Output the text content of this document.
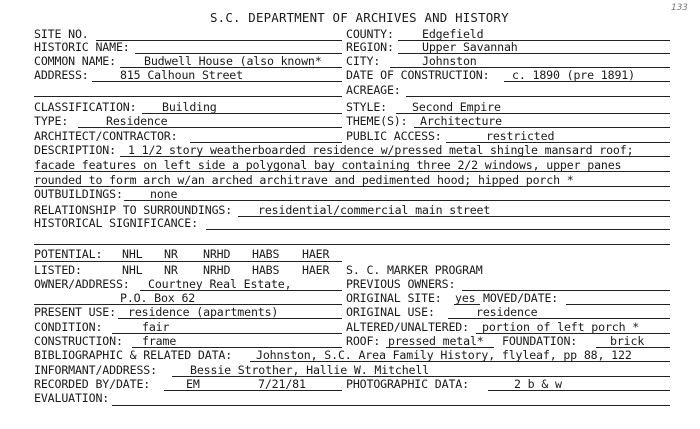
133
S.C. DEPARTMENT OF ARCHIVES AND HISTORY
SITE NO.	COUNTY: Edgefield
HISTORIC NAME:	REGION: Upper Savannah
COMMON NAME: Budwell House (also known* CITY:	Johnston
ADDRESS:	815 Calhoun Street	DATE OF CONSTRUCTION: c. 1890 (pre 1891)
ACREAGE:
CLASSIFICATION: Building	STYLE: Second Empire
TYPE:	Residence	THEME(S): Architecture
ARCHITECT/CONTRACTOR:	PUBLIC ACCESS:	restricted
DESCRIPTION: 1 1/2 story weatherboarded residence w/pressed metal shingle mansard roof;
facade features on left side a polygonal bay containing three 2/2 windows, upper panes
rounded to form arch w/an arched architrave and pedimented hood; hipped porch *
OUTBUILDINGS: none
RELATIONSHIP TO SURROUNDINGS: residential/commercial main street
HISTORICAL SIGNIFICANCE:
POTENTIAL: NHL NR NRHD HABS HAER
LISTED:	NHL NR NRHD HABS HAER S. C. MARKER PROGRAM
OWNER/ADDRESS: Courtney Real Estate,	PREVIOUS OWNERS:
P.O. Box 62	ORIGINAL SITE: yes MOVED/DATE:
PRESENT USE: residence (apartments)	ORIGINAL USE:	residence
CONDITION:	fair	ALTERED/UNALTERED: portion of left porch *
CONSTRUCTION: frame	ROOF: pressed metal* FOUNDATION:	brick
BIBLIOGRAPHIC & RELATED DATA: Johnston, S.C. Area Family History, flyleaf, pp 88, 122
INFORMANT/ADDRESS:	Bessie Strother, Hallie W. Mitchell
RECORDED BY/DATE:	EM	7/21/81	PHOTOGRAPHIC DATA:	2 b & w
EVALUATION:
